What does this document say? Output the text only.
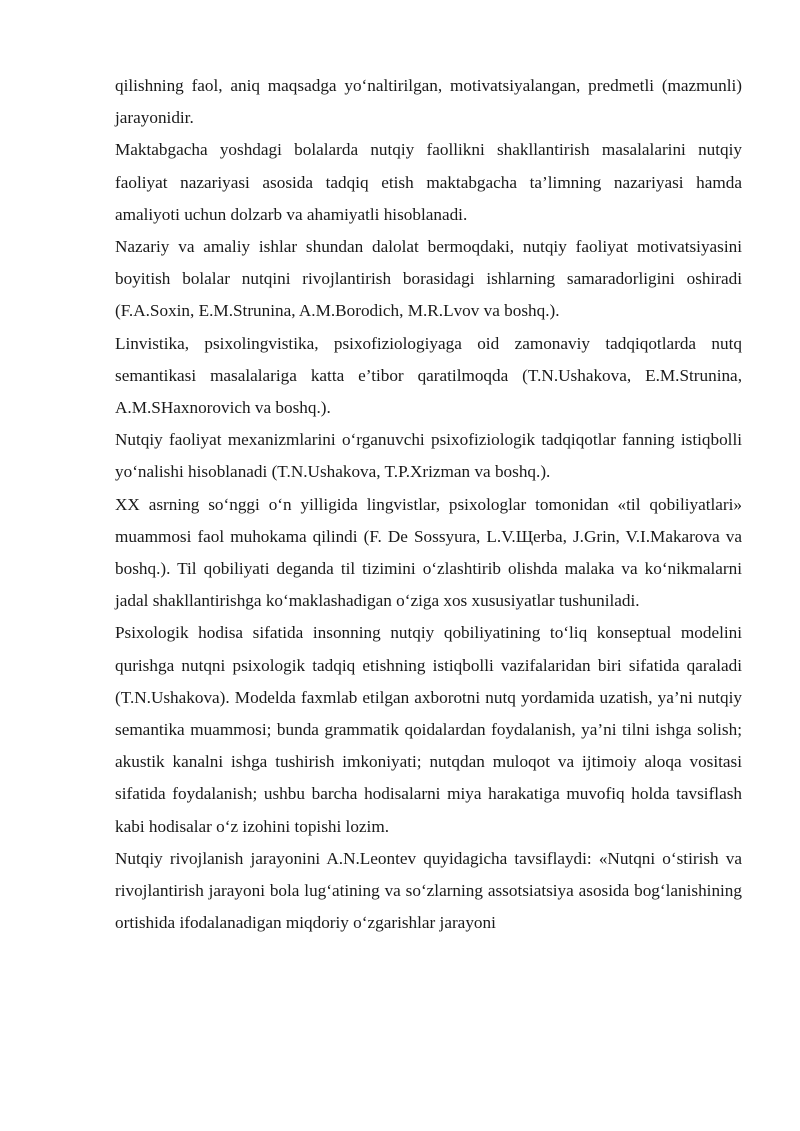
qilishning faol, aniq maqsadga yo‘naltirilgan, motivatsiyalangan, predmetli (mazmunli) jarayonidir.

Maktabgacha yoshdagi bolalarda nutqiy faollikni shakllantirish masalalarini nutqiy faoliyat nazariyasi asosida tadqiq etish maktabgacha ta’limning nazariyasi hamda amaliyoti uchun dolzarb va ahamiyatli hisoblanadi.

Nazariy va amaliy ishlar shundan dalolat bermoqdaki, nutqiy faoliyat motivatsiyasini boyitish bolalar nutqini rivojlantirish borasidagi ishlarning samaradorligini oshiradi (F.A.Soxin, E.M.Strunina, A.M.Borodich, M.R.Lvov va boshq.).

Linvistika, psixolingvistika, psixofiziologiyaga oid zamonaviy tadqiqotlarda nutq semantikasi masalalariga katta e’tibor qaratilmoqda (T.N.Ushakova, E.M.Strunina, A.M.SHaxnorovich va boshq.).

Nutqiy faoliyat mexanizmlarini o‘rganuvchi psixofiziologik tadqiqotlar fanning istiqbolli yo‘nalishi hisoblanadi (T.N.Ushakova, T.P.Xrizman va boshq.).

XX asrning so‘nggi o‘n yilligida lingvistlar, psixologlar tomonidan «til qobiliyatlari» muammosi faol muhokama qilindi (F. De Sossyura, L.V.Щerba, J.Grin, V.I.Makarova va boshq.). Til qobiliyati deganda til tizimini o‘zlashtirib olishda malaka va ko‘nikmalarni jadal shakllantirishga ko‘maklashadigan o‘ziga xos xususiyatlar tushuniladi.

Psixologik hodisa sifatida insonning nutqiy qobiliyatining to‘liq konseptual modelini qurishga nutqni psixologik tadqiq etishning istiqbolli vazifalaridan biri sifatida qaraladi (T.N.Ushakova). Modelda faxmlab etilgan axborotni nutq yordamida uzatish, ya’ni nutqiy semantika muammosi; bunda grammatik qoidalardan foydalanish, ya’ni tilni ishga solish; akustik kanalni ishga tushirish imkoniyati; nutqdan muloqot va ijtimoiy aloqa vositasi sifatida foydalanish; ushbu barcha hodisalarni miya harakatiga muvofiq holda tavsiflash kabi hodisalar o‘z izohini topishi lozim.

Nutqiy rivojlanish jarayonini A.N.Leontev quyidagicha tavsiflaydi: «Nutqni o‘stirish va rivojlantirish jarayoni bola lug‘atining va so‘zlarning assotsiatsiya asosida bog‘lanishining ortishida ifodalanadigan miqdoriy o‘zgarishlar jarayoni
